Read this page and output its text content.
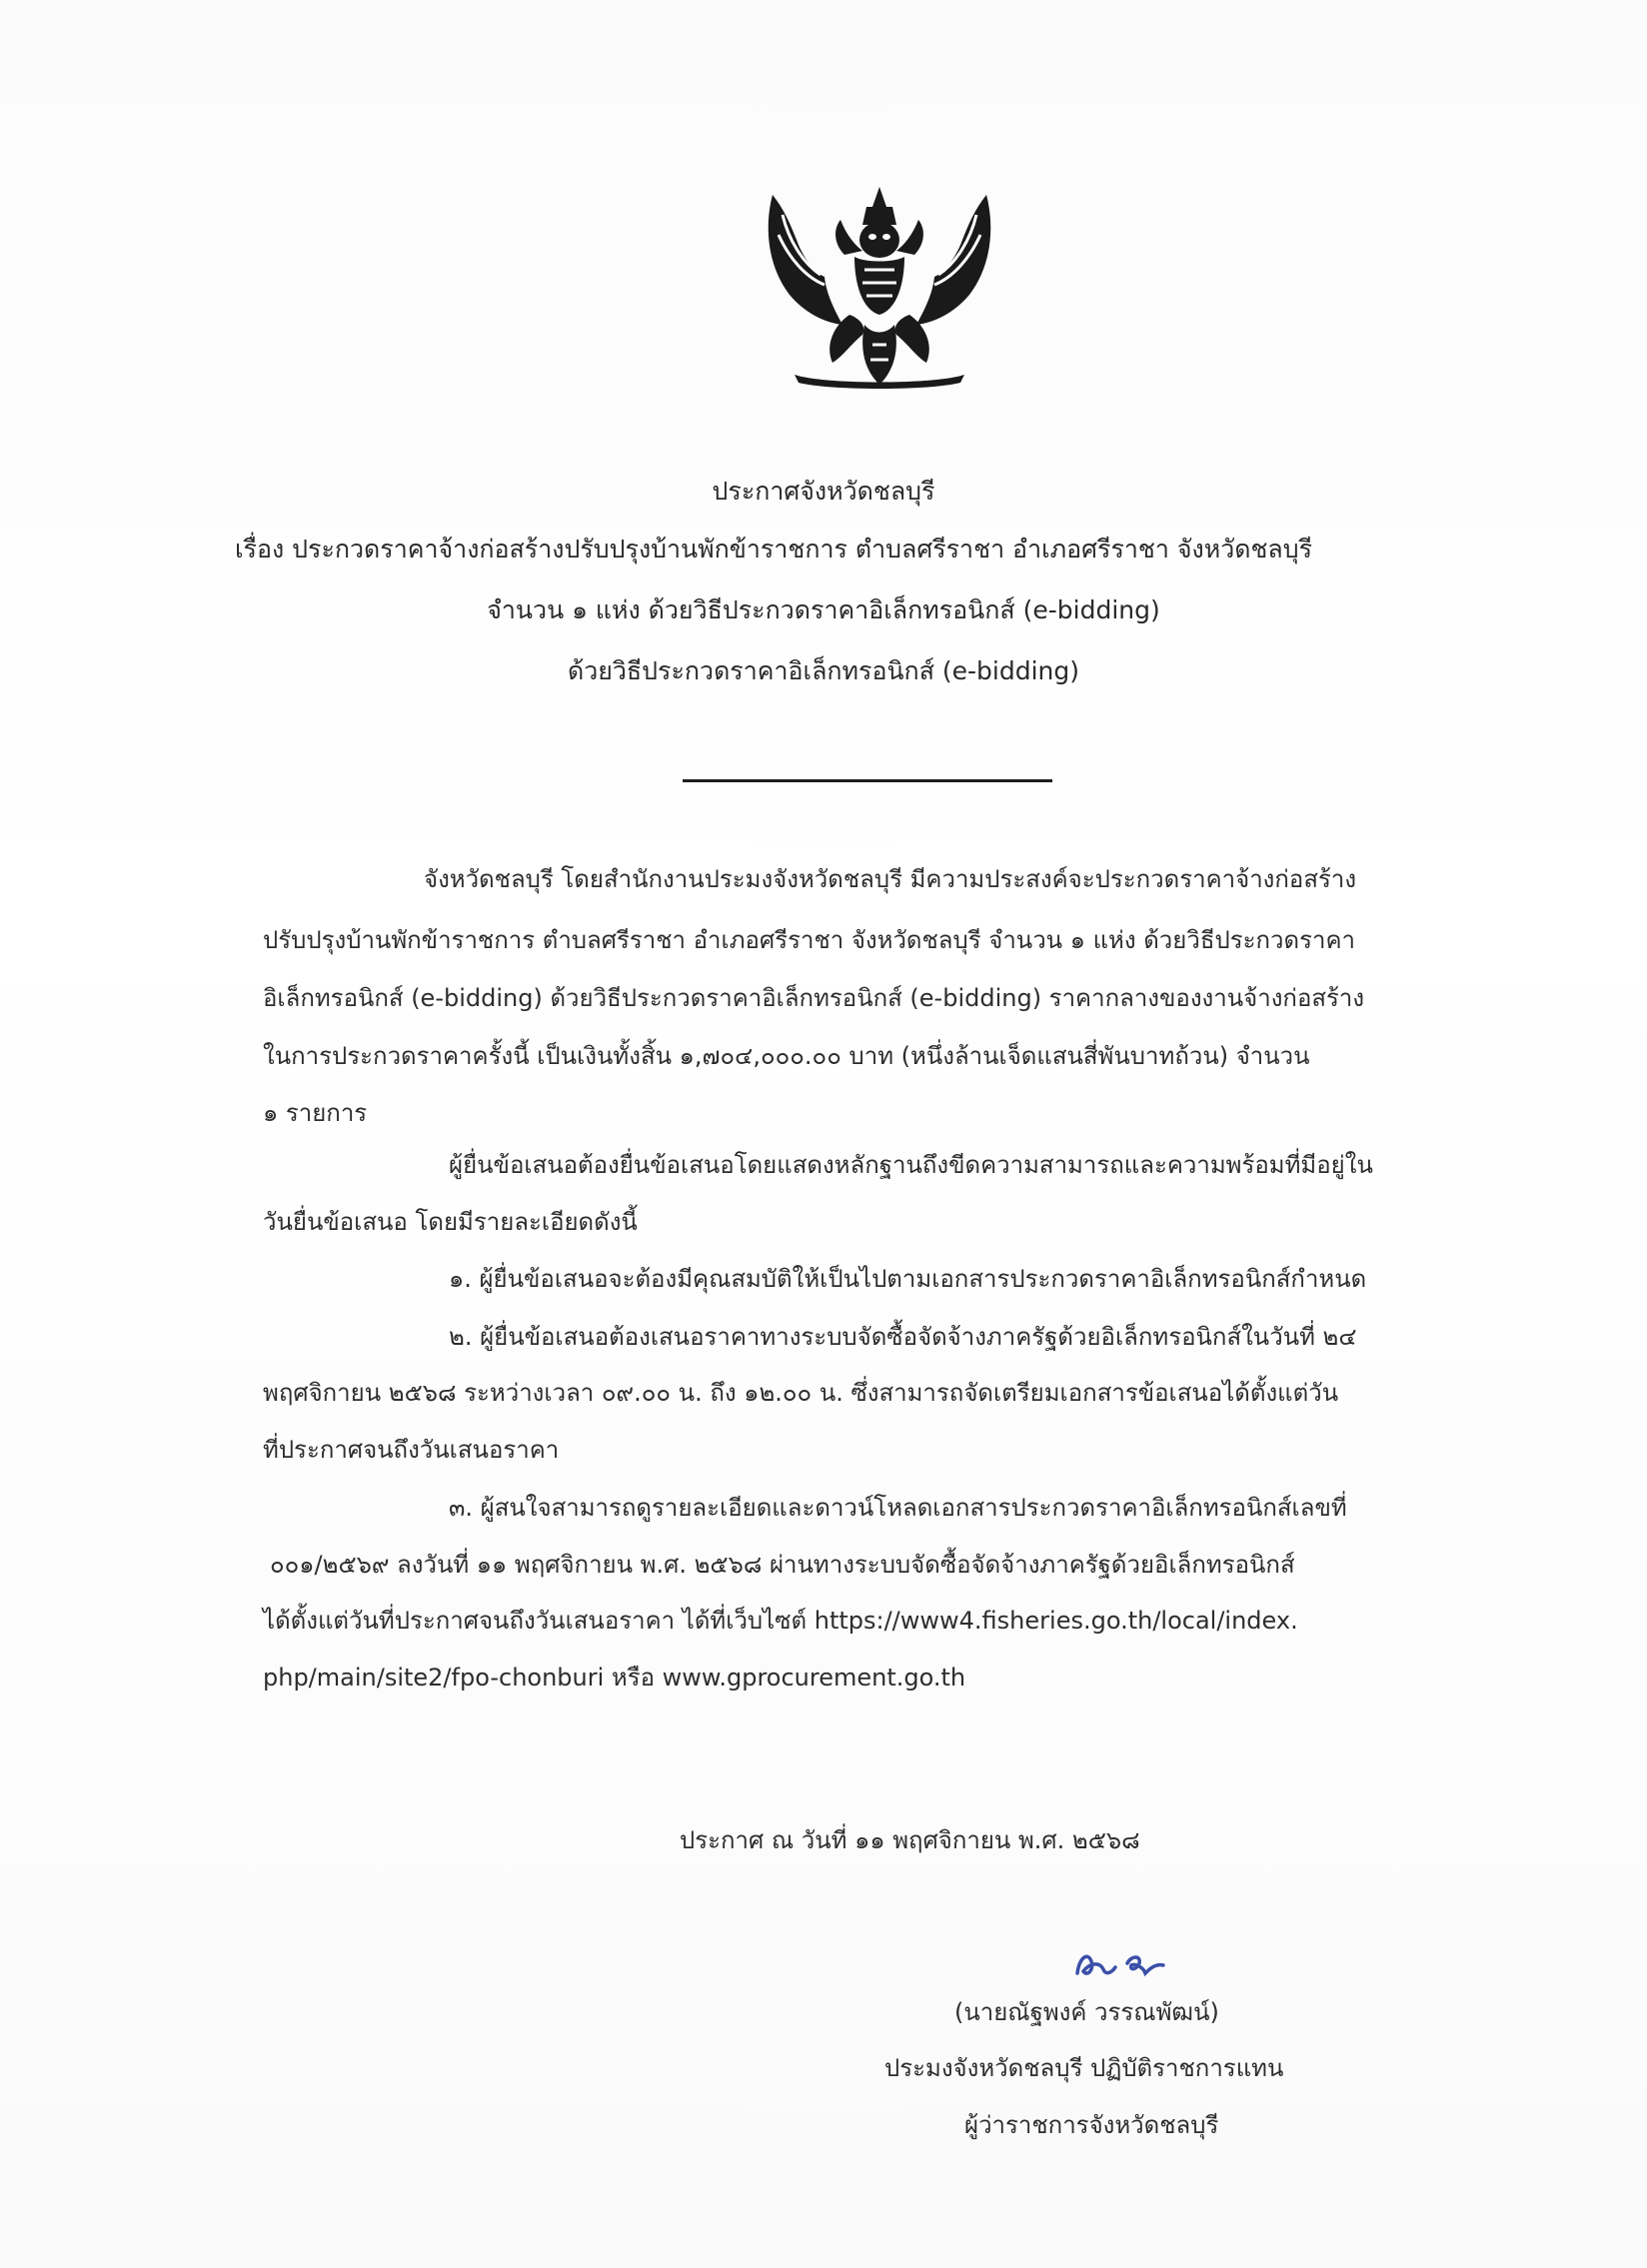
ประกาศจังหวัดชลบุรี
เรื่อง ประกวดราคาจ้างก่อสร้างปรับปรุงบ้านพักข้าราชการ ตำบลศรีราชา อำเภอศรีราชา จังหวัดชลบุรี
จำนวน ๑ แห่ง ด้วยวิธีประกวดราคาอิเล็กทรอนิกส์ (e-bidding)
ด้วยวิธีประกวดราคาอิเล็กทรอนิกส์ (e-bidding)
จังหวัดชลบุรี โดยสำนักงานประมงจังหวัดชลบุรี มีความประสงค์จะประกวดราคาจ้างก่อสร้าง
ปรับปรุงบ้านพักข้าราชการ ตำบลศรีราชา อำเภอศรีราชา จังหวัดชลบุรี จำนวน ๑ แห่ง ด้วยวิธีประกวดราคา
อิเล็กทรอนิกส์ (e-bidding) ด้วยวิธีประกวดราคาอิเล็กทรอนิกส์ (e-bidding) ราคากลางของงานจ้างก่อสร้าง
ในการประกวดราคาครั้งนี้ เป็นเงินทั้งสิ้น ๑,๗๐๔,๐๐๐.๐๐ บาท (หนึ่งล้านเจ็ดแสนสี่พันบาทถ้วน) จำนวน
๑ รายการ
ผู้ยื่นข้อเสนอต้องยื่นข้อเสนอโดยแสดงหลักฐานถึงขีดความสามารถและความพร้อมที่มีอยู่ใน
วันยื่นข้อเสนอ โดยมีรายละเอียดดังนี้
๑. ผู้ยื่นข้อเสนอจะต้องมีคุณสมบัติให้เป็นไปตามเอกสารประกวดราคาอิเล็กทรอนิกส์กำหนด
๒. ผู้ยื่นข้อเสนอต้องเสนอราคาทางระบบจัดซื้อจัดจ้างภาครัฐด้วยอิเล็กทรอนิกส์ในวันที่ ๒๔
พฤศจิกายน ๒๕๖๘ ระหว่างเวลา ๐๙.๐๐ น. ถึง ๑๒.๐๐ น. ซึ่งสามารถจัดเตรียมเอกสารข้อเสนอได้ตั้งแต่วัน
ที่ประกาศจนถึงวันเสนอราคา
๓. ผู้สนใจสามารถดูรายละเอียดและดาวน์โหลดเอกสารประกวดราคาอิเล็กทรอนิกส์เลขที่
๐๐๑/๒๕๖๙ ลงวันที่ ๑๑ พฤศจิกายน พ.ศ. ๒๕๖๘ ผ่านทางระบบจัดซื้อจัดจ้างภาครัฐด้วยอิเล็กทรอนิกส์
ได้ตั้งแต่วันที่ประกาศจนถึงวันเสนอราคา ได้ที่เว็บไซต์ https://www4.fisheries.go.th/local/index.
php/main/site2/fpo-chonburi หรือ www.gprocurement.go.th
ประกาศ ณ วันที่ ๑๑ พฤศจิกายน พ.ศ. ๒๕๖๘
(นายณัฐพงค์ วรรณพัฒน์)
ประมงจังหวัดชลบุรี ปฏิบัติราชการแทน
ผู้ว่าราชการจังหวัดชลบุรี
